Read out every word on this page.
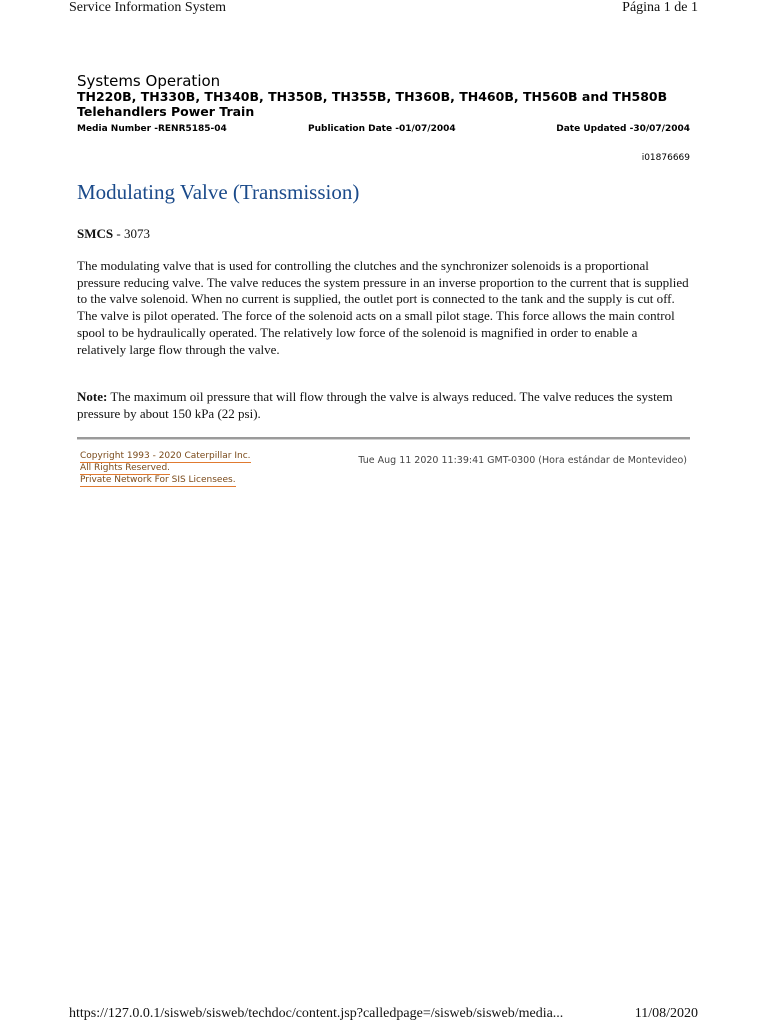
Service Information System	Página 1 de 1
Systems Operation
TH220B, TH330B, TH340B, TH350B, TH355B, TH360B, TH460B, TH560B and TH580B
Telehandlers Power Train
Media Number -RENR5185-04	Publication Date -01/07/2004	Date Updated -30/07/2004
i01876669
Modulating Valve (Transmission)
SMCS - 3073

The modulating valve that is used for controlling the clutches and the synchronizer solenoids is a proportional pressure reducing valve. The valve reduces the system pressure in an inverse proportion to the current that is supplied to the valve solenoid. When no current is supplied, the outlet port is connected to the tank and the supply is cut off. The valve is pilot operated. The force of the solenoid acts on a small pilot stage. This force allows the main control spool to be hydraulically operated. The relatively low force of the solenoid is magnified in order to enable a relatively large flow through the valve.

Note: The maximum oil pressure that will flow through the valve is always reduced. The valve reduces the system pressure by about 150 kPa (22 psi).

Copyright 1993 - 2020 Caterpillar Inc.
All Rights Reserved.
Private Network For SIS Licensees.
Tue Aug 11 2020 11:39:41 GMT-0300 (Hora estándar de Montevideo)
https://127.0.0.1/sisweb/sisweb/techdoc/content.jsp?calledpage=/sisweb/sisweb/media...	11/08/2020
